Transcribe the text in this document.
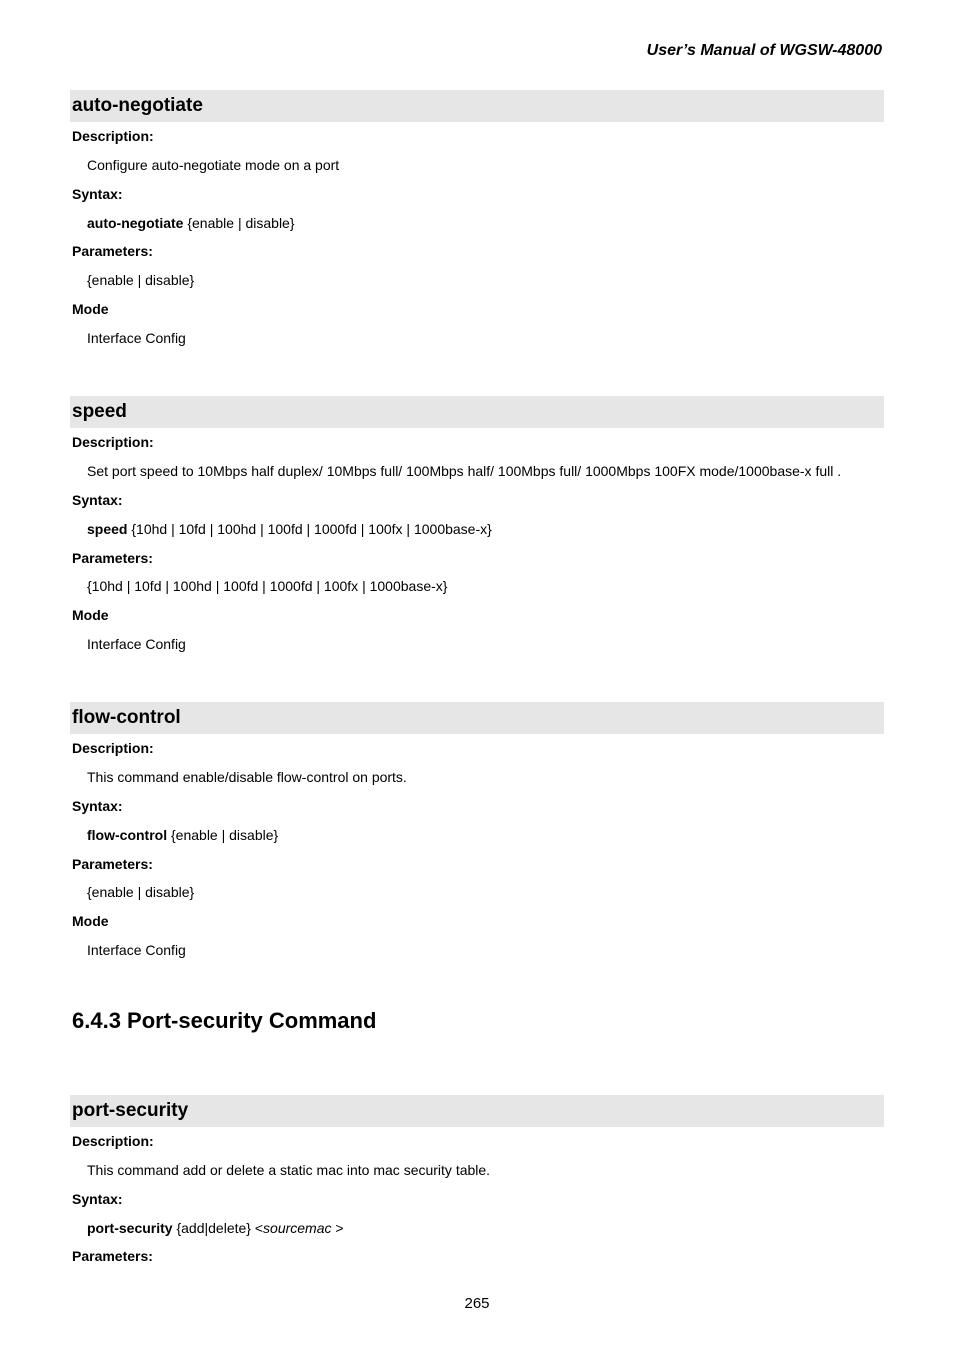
User’s Manual of WGSW-48000
auto-negotiate
Description:
Configure auto-negotiate mode on a port
Syntax:
auto-negotiate {enable | disable}
Parameters:
{enable | disable}
Mode
Interface Config
speed
Description:
Set port speed to 10Mbps half duplex/ 10Mbps full/ 100Mbps half/ 100Mbps full/ 1000Mbps 100FX mode/1000base-x full .
Syntax:
speed {10hd | 10fd | 100hd | 100fd | 1000fd | 100fx | 1000base-x}
Parameters:
{10hd | 10fd | 100hd | 100fd | 1000fd | 100fx | 1000base-x}
Mode
Interface Config
flow-control
Description:
This command enable/disable flow-control on ports.
Syntax:
flow-control {enable | disable}
Parameters:
{enable | disable}
Mode
Interface Config
6.4.3 Port-security Command
port-security
Description:
This command add or delete a static mac into mac security table.
Syntax:
port-security {add|delete} <sourcemac >
Parameters:
265
